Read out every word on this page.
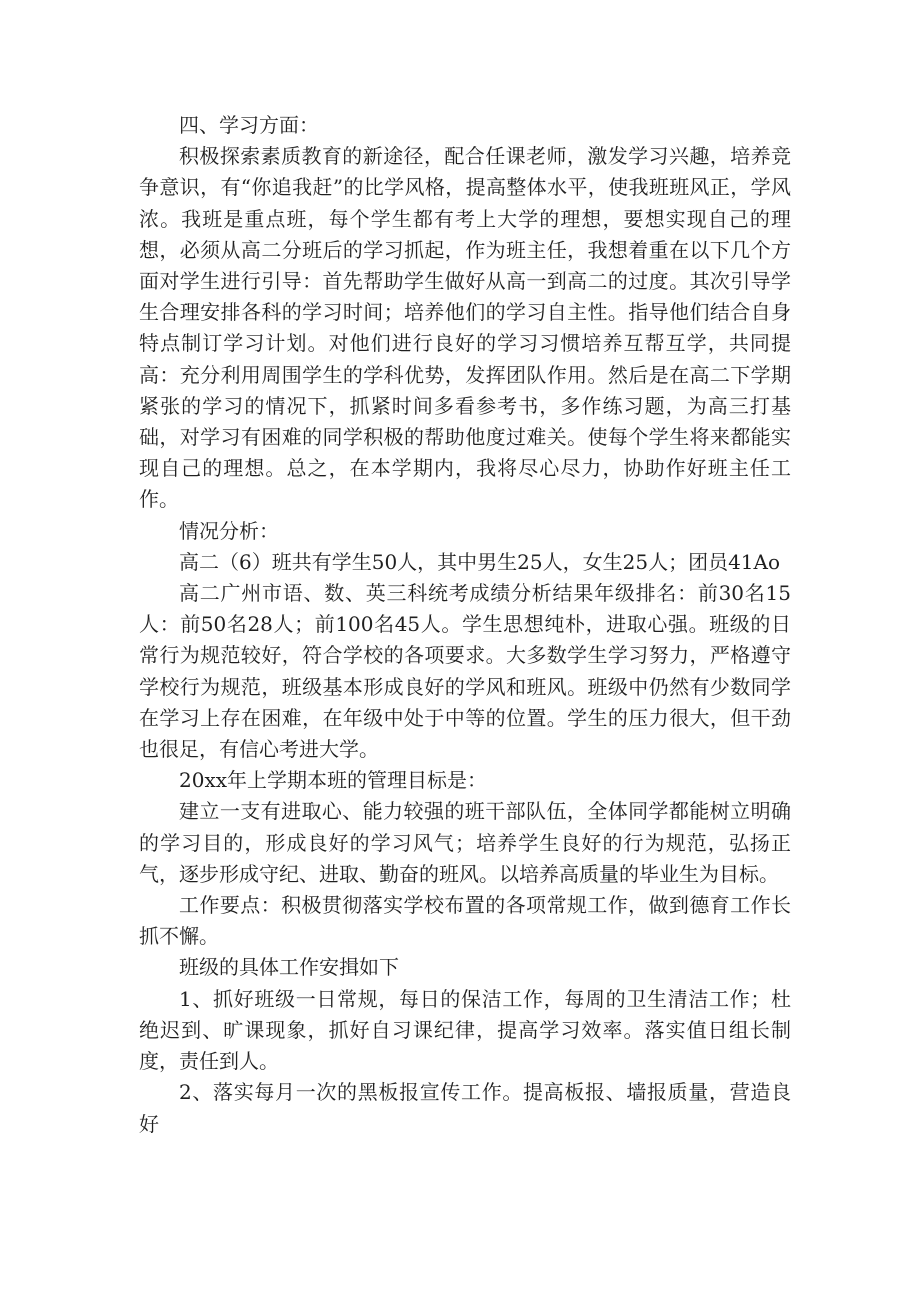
四、学习方面：

积极探索素质教育的新途径，配合任课老师，激发学习兴趣，培养竞争意识，有“你追我赶”的比学风格，提高整体水平，使我班班风正，学风浓。我班是重点班，每个学生都有考上大学的理想，要想实现自己的理想，必须从高二分班后的学习抓起，作为班主任，我想着重在以下几个方面对学生进行引导：首先帮助学生做好从高一到高二的过度。其次引导学生合理安排各科的学习时间；培养他们的学习自主性。指导他们结合自身特点制订学习计划。对他们进行良好的学习习惯培养互帮互学，共同提高：充分利用周围学生的学科优势，发挥团队作用。然后是在高二下学期紧张的学习的情况下，抓紧时间多看参考书，多作练习题，为高三打基础，对学习有困难的同学积极的帮助他度过难关。使每个学生将来都能实现自己的理想。总之，在本学期内，我将尽心尽力，协助作好班主任工作。

情况分析：

高二（6）班共有学生50人，其中男生25人，女生25人；团员41Ao

高二广州市语、数、英三科统考成绩分析结果年级排名：前30名15人：前50名28人；前100名45人。学生思想纯朴，进取心强。班级的日常行为规范较好，符合学校的各项要求。大多数学生学习努力，严格遵守学校行为规范，班级基本形成良好的学风和班风。班级中仍然有少数同学在学习上存在困难，在年级中处于中等的位置。学生的压力很大，但干劲也很足，有信心考进大学。

20xx年上学期本班的管理目标是：

建立一支有进取心、能力较强的班干部队伍，全体同学都能树立明确的学习目的，形成良好的学习风气；培养学生良好的行为规范，弘扬正气，逐步形成守纪、进取、勤奋的班风。以培养高质量的毕业生为目标。

工作要点：积极贯彻落实学校布置的各项常规工作，做到德育工作长抓不懈。

班级的具体工作安揖如下

1、抓好班级一日常规，每日的保洁工作，每周的卫生清洁工作；杜绝迟到、旷课现象，抓好自习课纪律，提高学习效率。落实值日组长制度，责任到人。

2、落实每月一次的黑板报宣传工作。提高板报、墙报质量，营造良好
